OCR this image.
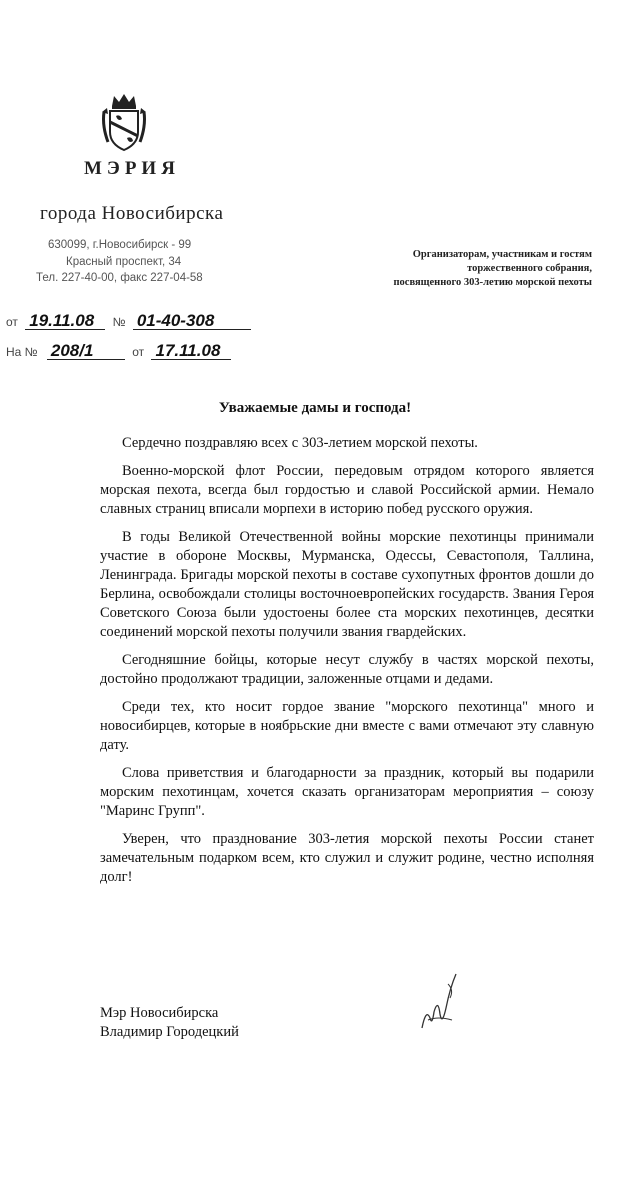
МЭРИЯ
города Новосибирска
630099, г.Новосибирск - 99
Красный проспект, 34
Тел. 227-40-00, факс 227-04-58
от 19.11.08 № 01-40-308
На № 208/1	от 17.11.08
Организаторам, участникам и гостям
торжественного собрания,
посвященного 303-летию морской пехоты
Уважаемые дамы и господа!

Сердечно поздравляю всех с 303-летием морской пехоты.

Военно-морской флот России, передовым отрядом которого является морская пехота, всегда был гордостью и славой Российской армии. Немало славных страниц вписали морпехи в историю побед русского оружия.

В годы Великой Отечественной войны морские пехотинцы принимали участие в обороне Москвы, Мурманска, Одессы, Севастополя, Таллина, Ленинграда. Бригады морской пехоты в составе сухопутных фронтов дошли до Берлина, освобождали столицы восточноевропейских государств. Звания Героя Советского Союза были удостоены более ста морских пехотинцев, десятки соединений морской пехоты получили звания гвардейских.

Сегодняшние бойцы, которые несут службу в частях морской пехоты, достойно продолжают традиции, заложенные отцами и дедами.

Среди тех, кто носит гордое звание "морского пехотинца" много и новосибирцев, которые в ноябрьские дни вместе с вами отмечают эту славную дату.

Слова приветствия и благодарности за праздник, который вы подарили морским пехотинцам, хочется сказать организаторам мероприятия – союзу "Маринс Групп".

Уверен, что празднование 303-летия морской пехоты России станет замечательным подарком всем, кто служил и служит родине, честно исполняя долг!

Мэр Новосибирска
Владимир Городецкий
